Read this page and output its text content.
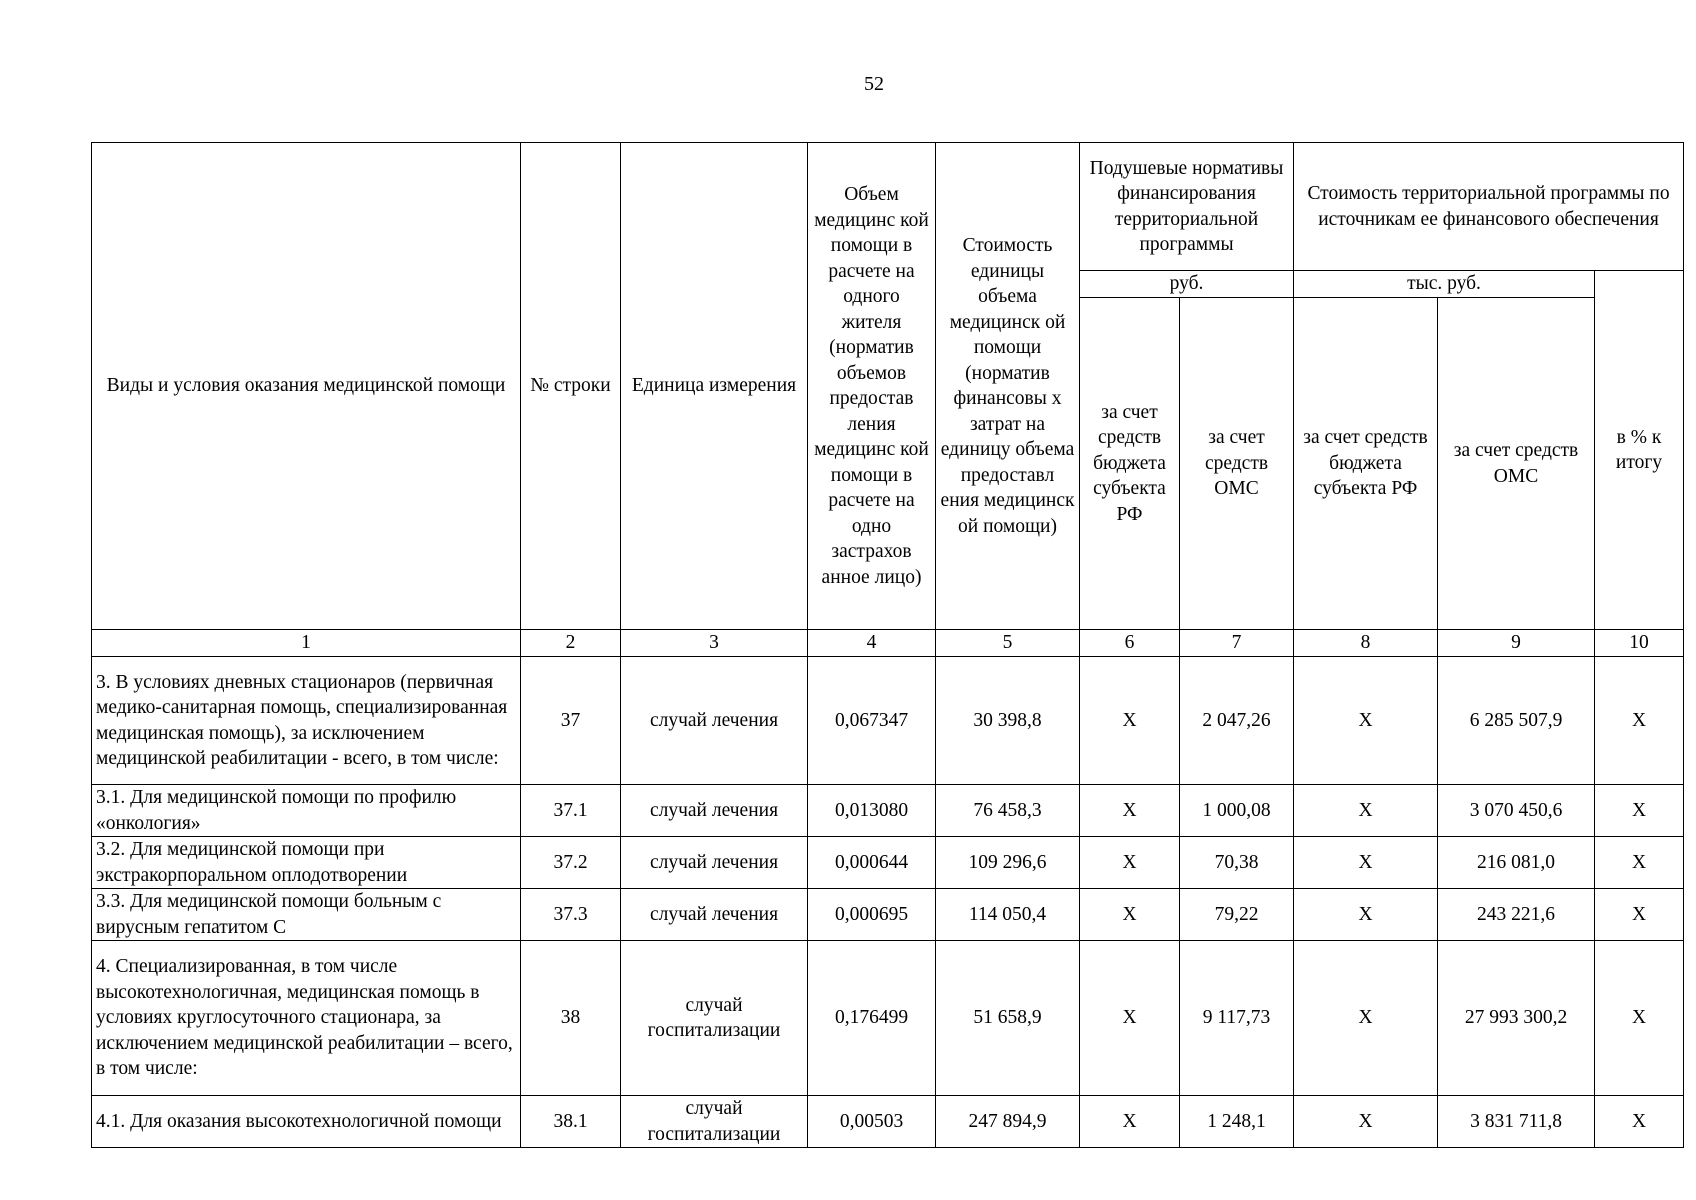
52
Виды и условия оказания медицинской помощи	№ строки	Единица измерения	Объем медицинс кой помощи в расчете на одного жителя (норматив объемов предостав ления медицинс кой помощи в расчете на одно застрахов анное лицо)	Стоимость единицы объема медицинск ой помощи (норматив финансовы х затрат на единицу объема предоставл ения медицинск ой помощи)	Подушевые нормативы финансирования территориальной программы		Стоимость территориальной программы по источникам ее финансового обеспечения		
					руб.		тыс. руб.		в % к итогу
					за счет средств бюджета субъекта РФ	за счет средств ОМС	за счет средств бюджета субъекта РФ	за счет средств ОМС	
1	2	3	4	5	6	7	8	9	10
3. В условиях дневных стационаров (первичная медико-санитарная помощь, специализированная медицинская помощь), за исключением медицинской реабилитации - всего, в том числе:	37	случай лечения	0,067347	30 398,8	X	2 047,26	X	6 285 507,9	X
3.1. Для медицинской помощи по профилю «онкология»	37.1	случай лечения	0,013080	76 458,3	X	1 000,08	X	3 070 450,6	X
3.2. Для медицинской помощи при экстракорпоральном оплодотворении	37.2	случай лечения	0,000644	109 296,6	X	70,38	X	216 081,0	X
3.3. Для медицинской помощи больным с вирусным гепатитом С	37.3	случай лечения	0,000695	114 050,4	X	79,22	X	243 221,6	X
4. Специализированная, в том числе высокотехнологичная, медицинская помощь в условиях круглосуточного стационара, за исключением медицинской реабилитации – всего, в том числе:	38	случай госпитализации	0,176499	51 658,9	X	9 117,73	X	27 993 300,2	X
4.1. Для оказания высокотехнологичной помощи	38.1	случай госпитализации	0,00503	247 894,9	X	1 248,1	X	3 831 711,8	X
